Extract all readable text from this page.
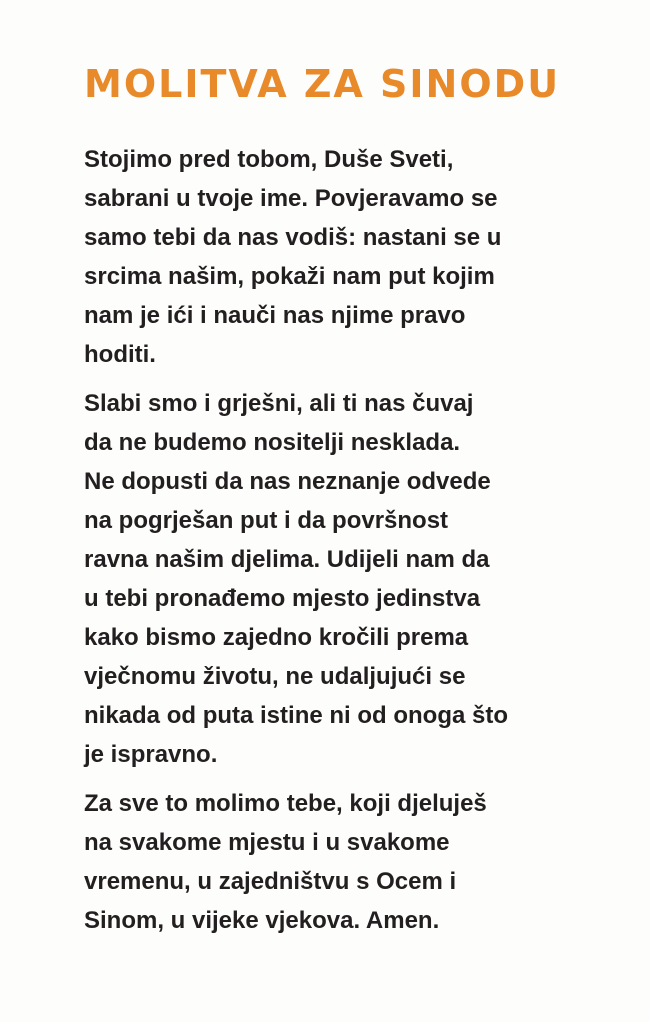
MOLITVA ZA SINODU

Stojimo pred tobom, Duše Sveti,
sabrani u tvoje ime. Povjeravamo se
samo tebi da nas vodiš: nastani se u
srcima našim, pokaži nam put kojim
nam je ići i nauči nas njime pravo
hoditi.

Slabi smo i grješni, ali ti nas čuvaj
da ne budemo nositelji nesklada.
Ne dopusti da nas neznanje odvede
na pogrješan put i da površnost
ravna našim djelima. Udijeli nam da
u tebi pronađemo mjesto jedinstva
kako bismo zajedno kročili prema
vječnomu životu, ne udaljujući se
nikada od puta istine ni od onoga što
je ispravno.

Za sve to molimo tebe, koji djeluješ
na svakome mjestu i u svakome
vremenu, u zajedništvu s Ocem i
Sinom, u vijeke vjekova. Amen.
